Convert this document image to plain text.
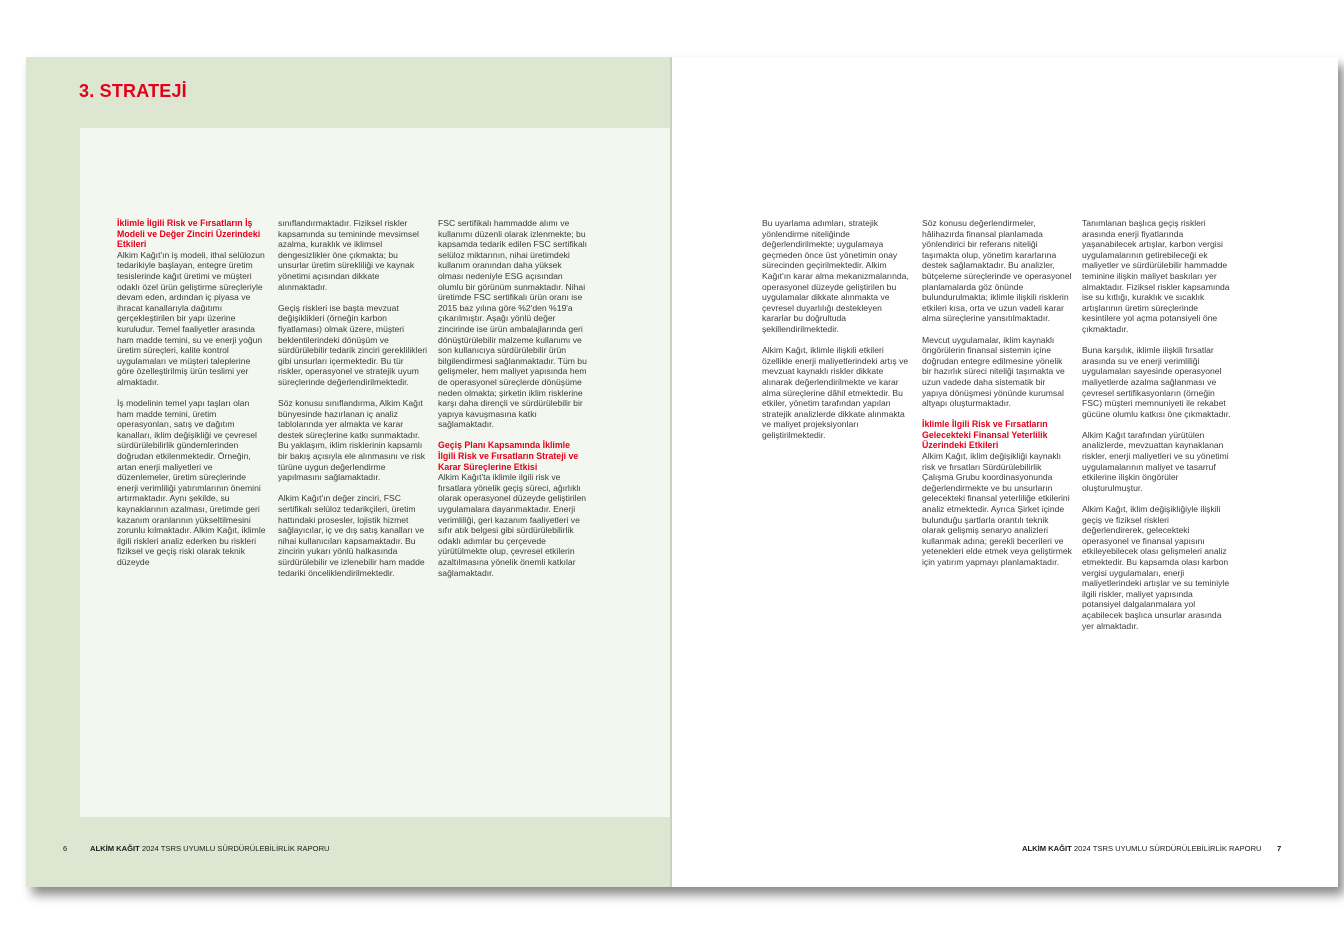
3. STRATEJİ
İklimle İlgili Risk ve Fırsatların İş Modeli ve Değer Zinciri Üzerindeki Etkileri

Alkim Kağıt'ın iş modeli, ithal selülozun tedarikiyle başlayan, entegre üretim tesislerinde kağıt üretimi ve müşteri odaklı özel ürün geliştirme süreçleriyle devam eden, ardından iç piyasa ve ihracat kanallarıyla dağıtımı gerçekleştirilen bir yapı üzerine kuruludur. Temel faaliyetler arasında ham madde temini, su ve enerji yoğun üretim süreçleri, kalite kontrol uygulamaları ve müşteri taleplerine göre özelleştirilmiş ürün teslimi yer almaktadır.

İş modelinin temel yapı taşları olan ham madde temini, üretim operasyonları, satış ve dağıtım kanalları, iklim değişikliği ve çevresel sürdürülebilirlik gündemlerinden doğrudan etkilenmektedir. Örneğin, artan enerji maliyetleri ve düzenlemeler, üretim süreçlerinde enerji verimliliği yatırımlarının önemini artırmaktadır. Aynı şekilde, su kaynaklarının azalması, üretimde geri kazanım oranlarının yükseltilmesini zorunlu kılmaktadır. Alkim Kağıt, iklimle ilgili riskleri analiz ederken bu riskleri fiziksel ve geçiş riski olarak teknik düzeyde

sınıflandırmaktadır. Fiziksel riskler kapsamında su temininde mevsimsel azalma, kuraklık ve iklimsel dengesizlikler öne çıkmakta; bu unsurlar üretim sürekliliği ve kaynak yönetimi açısından dikkate alınmaktadır.

Geçiş riskleri ise başta mevzuat değişiklikleri (örneğin karbon fiyatlaması) olmak üzere, müşteri beklentilerindeki dönüşüm ve sürdürülebilir tedarik zinciri gereklilikleri gibi unsurları içermektedir. Bu tür riskler, operasyonel ve stratejik uyum süreçlerinde değerlendirilmektedir.

Söz konusu sınıflandırma, Alkim Kağıt bünyesinde hazırlanan iç analiz tablolarında yer almakta ve karar destek süreçlerine katkı sunmaktadır. Bu yaklaşım, iklim risklerinin kapsamlı bir bakış açısıyla ele alınmasını ve risk türüne uygun değerlendirme yapılmasını sağlamaktadır.

Alkim Kağıt'ın değer zinciri, FSC sertifikalı selüloz tedarikçileri, üretim hattındaki prosesler, lojistik hizmet sağlayıcılar, iç ve dış satış kanalları ve nihai kullanıcıları kapsamaktadır. Bu zincirin yukarı yönlü halkasında sürdürülebilir ve izlenebilir ham madde tedariki önceliklendirilmektedir.

FSC sertifikalı hammadde alımı ve kullanımı düzenli olarak izlenmekte; bu kapsamda tedarik edilen FSC sertifikalı selüloz miktarının, nihai üretimdeki kullanım oranından daha yüksek olması nedeniyle ESG açısından olumlu bir görünüm sunmaktadır. Nihai üretimde FSC sertifikalı ürün oranı ise 2015 baz yılına göre %2'den %19'a çıkarılmıştır. Aşağı yönlü değer zincirinde ise ürün ambalajlarında geri dönüştürülebilir malzeme kullanımı ve son kullanıcıya sürdürülebilir ürün bilgilendirmesi sağlanmaktadır. Tüm bu gelişmeler, hem maliyet yapısında hem de operasyonel süreçlerde dönüşüme neden olmakta; şirketin iklim risklerine karşı daha dirençli ve sürdürülebilir bir yapıya kavuşmasına katkı sağlamaktadır.

Geçiş Planı Kapsamında İklimle İlgili Risk ve Fırsatların Strateji ve Karar Süreçlerine Etkisi

Alkim Kağıt'ta iklimle ilgili risk ve fırsatlara yönelik geçiş süreci, ağırlıklı olarak operasyonel düzeyde geliştirilen uygulamalara dayanmaktadır. Enerji verimliliği, geri kazanım faaliyetleri ve sıfır atık belgesi gibi sürdürülebilirlik odaklı adımlar bu çerçevede yürütülmekte olup, çevresel etkilerin azaltılmasına yönelik önemli katkılar sağlamaktadır.

6	ALKİM KAĞIT 2024 TSRS UYUMLU SÜRDÜRÜLEBİLİRLİK RAPORU

Bu uyarlama adımları, stratejik yönlendirme niteliğinde değerlendirilmekte; uygulamaya geçmeden önce üst yönetimin onay sürecinden geçirilmektedir. Alkim Kağıt'ın karar alma mekanizmalarında, operasyonel düzeyde geliştirilen bu uygulamalar dikkate alınmakta ve çevresel duyarlılığı destekleyen kararlar bu doğrultuda şekillendirilmektedir.

Alkim Kağıt, iklimle ilişkili etkileri özellikle enerji maliyetlerindeki artış ve mevzuat kaynaklı riskler dikkate alınarak değerlendirilmekte ve karar alma süreçlerine dâhil etmektedir. Bu etkiler, yönetim tarafından yapılan stratejik analizlerde dikkate alınmakta ve maliyet projeksiyonları geliştirilmektedir.

Söz konusu değerlendirmeler, hâlihazırda finansal planlamada yönlendirici bir referans niteliği taşımakta olup, yönetim kararlarına destek sağlamaktadır. Bu analizler, bütçeleme süreçlerinde ve operasyonel planlamalarda göz önünde bulundurulmakta; iklimle ilişkili risklerin etkileri kısa, orta ve uzun vadeli karar alma süreçlerine yansıtılmaktadır.

Mevcut uygulamalar, iklim kaynaklı öngörülerin finansal sistemin içine doğrudan entegre edilmesine yönelik bir hazırlık süreci niteliği taşımakta ve uzun vadede daha sistematik bir yapıya dönüşmesi yönünde kurumsal altyapı oluşturmaktadır.

İklimle İlgili Risk ve Fırsatların Gelecekteki Finansal Yeterlilik Üzerindeki Etkileri

Alkim Kağıt, iklim değişikliği kaynaklı risk ve fırsatları Sürdürülebilirlik Çalışma Grubu koordinasyonunda değerlendirmekte ve bu unsurların gelecekteki finansal yeterliliğe etkilerini analiz etmektedir. Ayrıca Şirket içinde bulunduğu şartlarla orantılı teknik olarak gelişmiş senaryo analizleri kullanmak adına; gerekli becerileri ve yetenekleri elde etmek veya geliştirmek için yatırım yapmayı planlamaktadır.

Tanımlanan başlıca geçiş riskleri arasında enerji fiyatlarında yaşanabilecek artışlar, karbon vergisi uygulamalarının getirebileceği ek maliyetler ve sürdürülebilir hammadde teminine ilişkin maliyet baskıları yer almaktadır. Fiziksel riskler kapsamında ise su kıtlığı, kuraklık ve sıcaklık artışlarının üretim süreçlerinde kesintilere yol açma potansiyeli öne çıkmaktadır.

Buna karşılık, iklimle ilişkili fırsatlar arasında su ve enerji verimliliği uygulamaları sayesinde operasyonel maliyetlerde azalma sağlanması ve çevresel sertifikasyonların (örneğin FSC) müşteri memnuniyeti ile rekabet gücüne olumlu katkısı öne çıkmaktadır.

Alkim Kağıt tarafından yürütülen analizlerde, mevzuattan kaynaklanan riskler, enerji maliyetleri ve su yönetimi uygulamalarının maliyet ve tasarruf etkilerine ilişkin öngörüler oluşturulmuştur.

Alkim Kağıt, iklim değişikliğiyle ilişkili geçiş ve fiziksel riskleri değerlendirerek, gelecekteki operasyonel ve finansal yapısını etkileyebilecek olası gelişmeleri analiz etmektedir. Bu kapsamda olası karbon vergisi uygulamaları, enerji maliyetlerindeki artışlar ve su teminiyle ilgili riskler, maliyet yapısında potansiyel dalgalanmalara yol açabilecek başlıca unsurlar arasında yer almaktadır.

ALKİM KAĞIT 2024 TSRS UYUMLU SÜRDÜRÜLEBİLİRLİK RAPORU 7
